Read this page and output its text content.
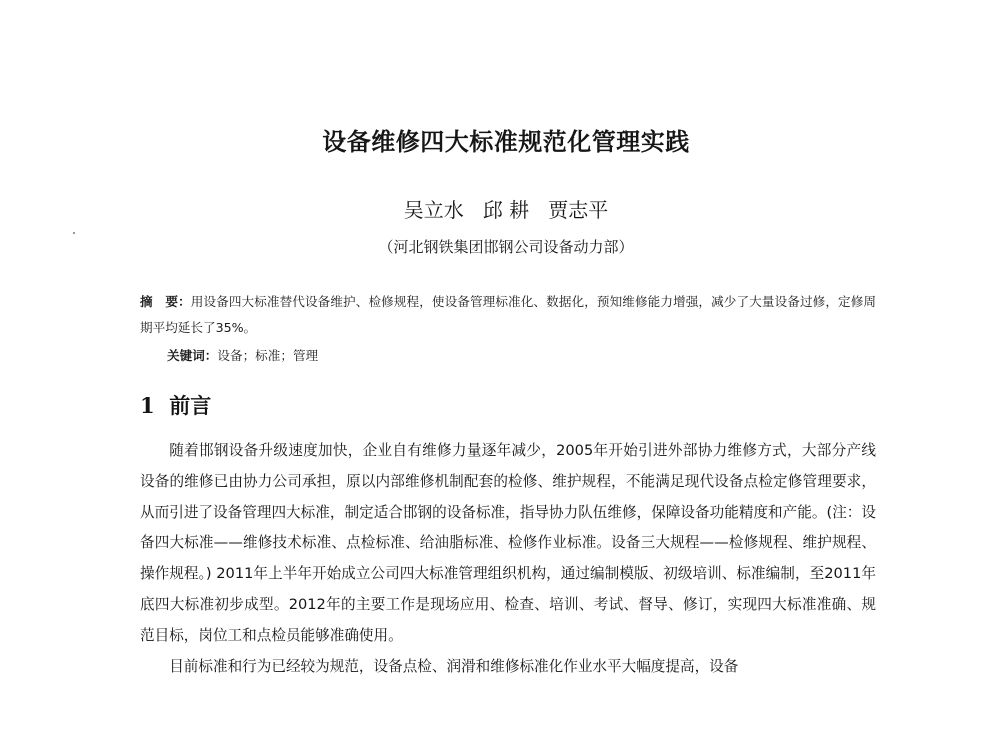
设备维修四大标准规范化管理实践
吴立水   邱 耕   贾志平
（河北钢铁集团邯钢公司设备动力部）
摘　要：用设备四大标准替代设备维护、检修规程，使设备管理标准化、数据化，预知维修能力增强，减少了大量设备过修，定修周期平均延长了35%。
关键词：设备；标准；管理
1 前言

随着邯钢设备升级速度加快，企业自有维修力量逐年减少，2005年开始引进外部协力维修方式，大部分产线设备的维修已由协力公司承担，原以内部维修机制配套的检修、维护规程，不能满足现代设备点检定修管理要求，从而引进了设备管理四大标准，制定适合邯钢的设备标准，指导协力队伍维修，保障设备功能精度和产能。(注：设备四大标准——维修技术标准、点检标准、给油脂标准、检修作业标准。设备三大规程——检修规程、维护规程、操作规程。) 2011年上半年开始成立公司四大标准管理组织机构，通过编制模版、初级培训、标准编制，至2011年底四大标准初步成型。2012年的主要工作是现场应用、检查、培训、考试、督导、修订，实现四大标准准确、规范目标，岗位工和点检员能够准确使用。

目前标准和行为已经较为规范，设备点检、润滑和维修标准化作业水平大幅度提高，设备
